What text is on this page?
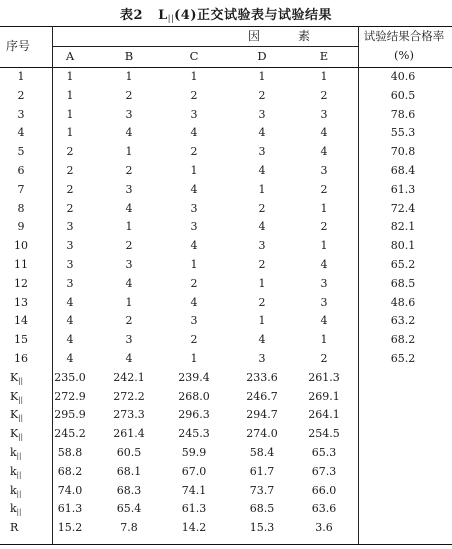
表2 $L_{||}(4)$正交试验表与试验结果
序号
因	素	试验结果合格率
(%)
A	B	C	D	E
1	1	1	1	1	1	40.6
2	1	2	2	2	2	60.5
3	1	3	3	3	3	78.6
4	1	4	4	4	4	55.3
5	2	1	2	3	4	70.8
6	2	2	1	4	3	68.4
7	2	3	4	1	2	61.3
8	2	4	3	2	1	72.4
9	3	1	3	4	2	82.1
10	3	2	4	3	1	80.1
11	3	3	1	2	4	65.2
12	3	4	2	1	3	68.5
13	4	1	4	2	3	48.6
14	4	2	3	1	4	63.2
15	4	3	2	4	1	68.2
16	4	4	1	3	2	65.2
$K_{||}$	235.0	242.1	239.4	233.6	261.3
$K_{||}$	272.9	272.2	268.0	246.7	269.1
$K_{||}$	295.9	273.3	296.3	294.7	264.1
$K_{||}$	245.2	261.4	245.3	274.0	254.5
$k_{||}$	58.8	60.5	59.9	58.4	65.3
$k_{||}$	68.2	68.1	67.0	61.7	67.3
$k_{||}$	74.0	68.3	74.1	73.7	66.0
$k_{||}$	61.3	65.4	61.3	68.5	63.6
R	15.2	7.8	14.2	15.3	3.6
